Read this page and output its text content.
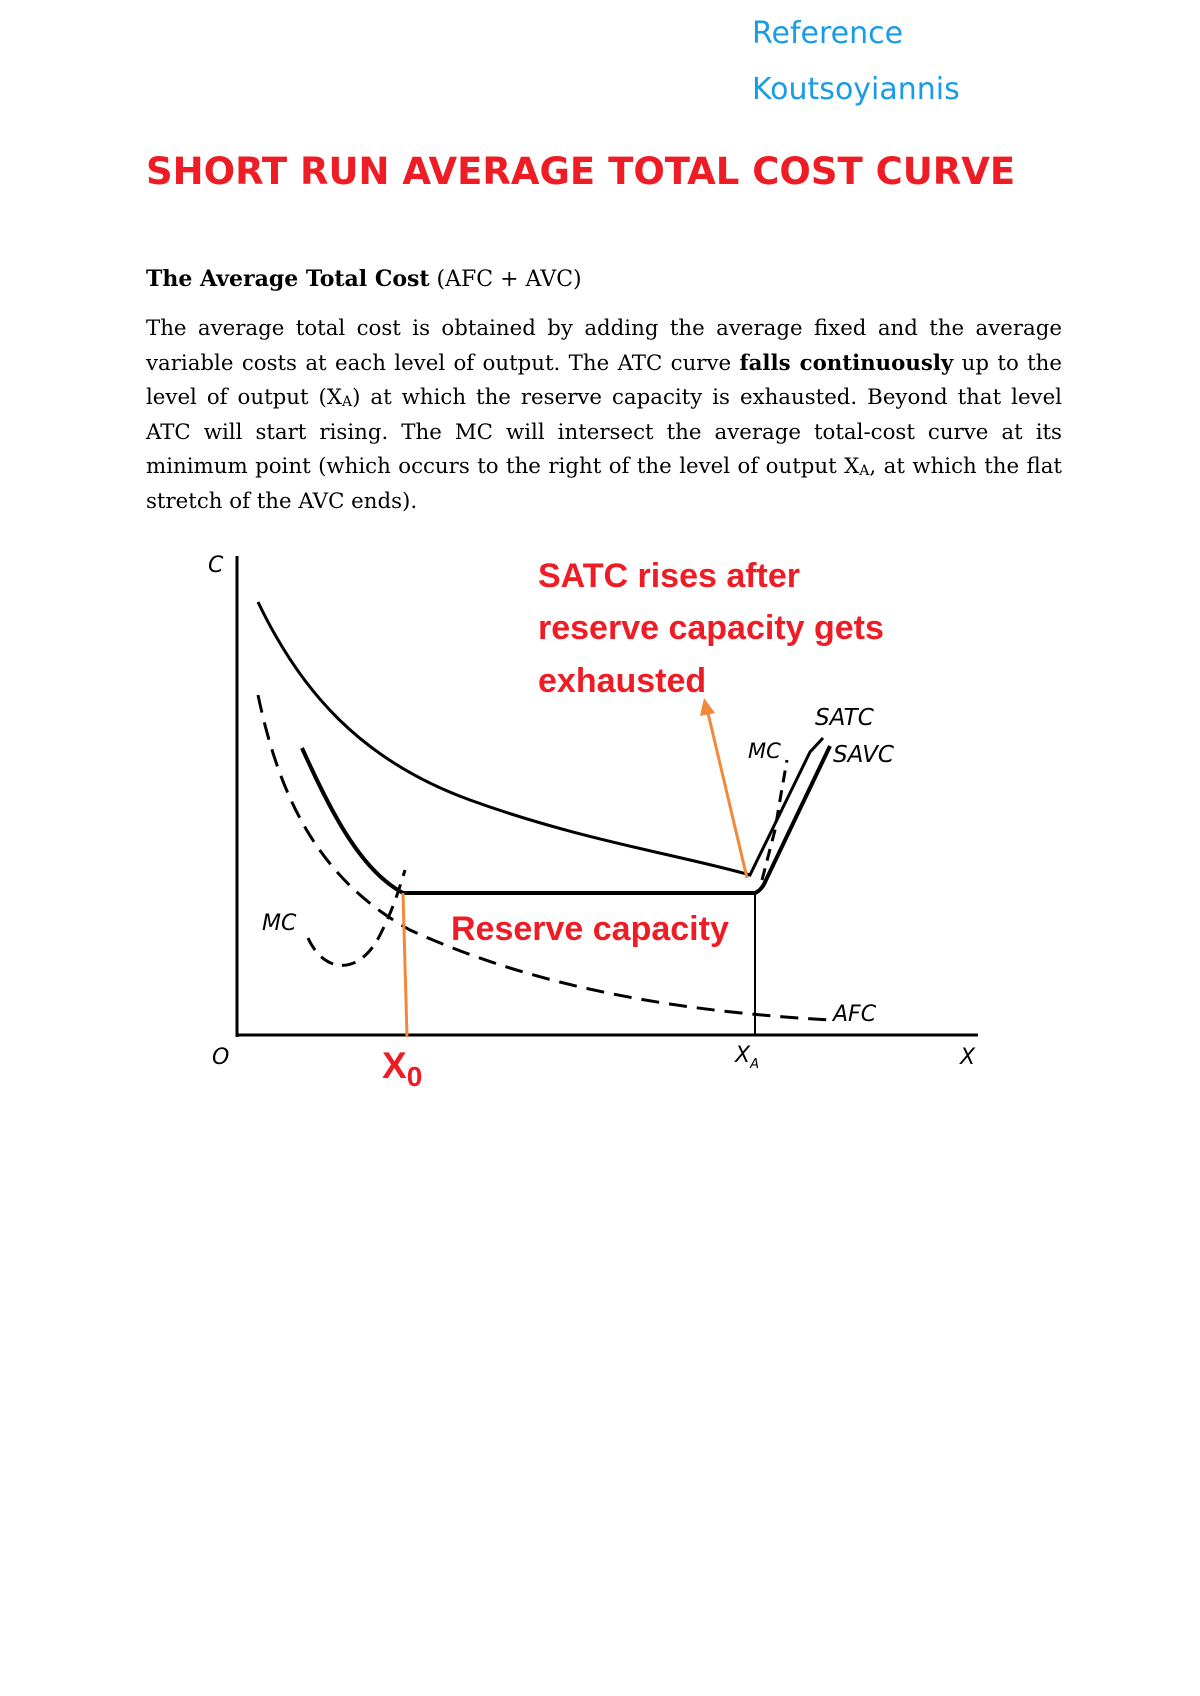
Reference
Koutsoyiannis
SHORT RUN AVERAGE TOTAL COST CURVE

The Average Total Cost (AFC + AVC)

The average total cost is obtained by adding the average fixed and the average variable costs at each level of output. The ATC curve falls continuously up to the level of output $(X_A)$ at which the reserve capacity is exhausted. Beyond that level ATC will start rising. The MC will intersect the average total-cost curve at its minimum point (which occurs to the right of the level of output $X_A$, at which the flat stretch of the AVC ends).

C
O	X
$X_A$
$X_0$
SATC
SAVC
MC
MC
AFC
SATC rises after
reserve capacity gets
exhausted
Reserve capacity
